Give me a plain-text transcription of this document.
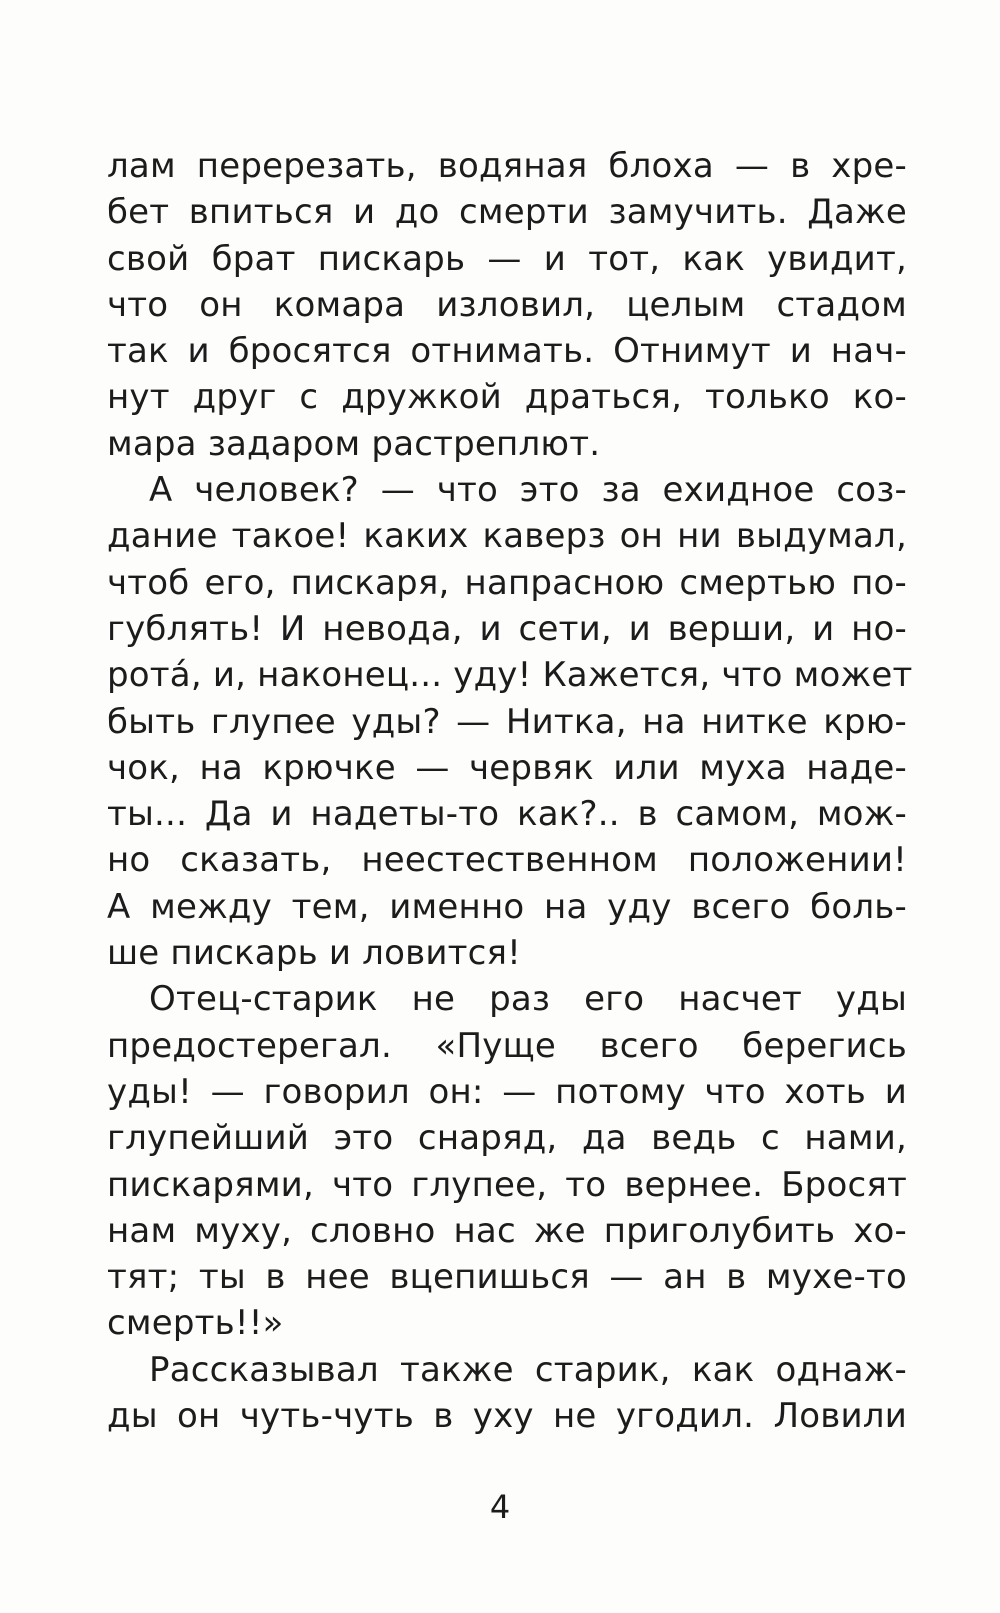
лам перерезать, водяная блоха — в хре-
бет впиться и до смерти замучить. Даже
свой брат пискарь — и тот, как увидит,
что он комара изловил, целым стадом
так и бросятся отнимать. Отнимут и нач-
нут друг с дружкой драться, только ко-
мара задаром растреплют.
А человек? — что это за ехидное соз-
дание такое! каких каверз он ни выдумал,
чтоб его, пискаря, напрасною смертью по-
гублять! И невода, и сети, и верши, и но-
рота́, и, наконец... уду! Кажется, что может
быть глупее уды? — Нитка, на нитке крю-
чок, на крючке — червяк или муха наде-
ты... Да и надеты-то как?.. в самом, мож-
но сказать, неестественном положении!
А между тем, именно на уду всего боль-
ше пискарь и ловится!
Отец-старик не раз его насчет уды
предостерегал. «Пуще всего берегись
уды! — говорил он: — потому что хоть и
глупейший это снаряд, да ведь с нами,
пискарями, что глупее, то вернее. Бросят
нам муху, словно нас же приголубить хо-
тят; ты в нее вцепишься — ан в мухе-то
смерть!!»
Рассказывал также старик, как однаж-
ды он чуть-чуть в уху не угодил. Ловили
4
